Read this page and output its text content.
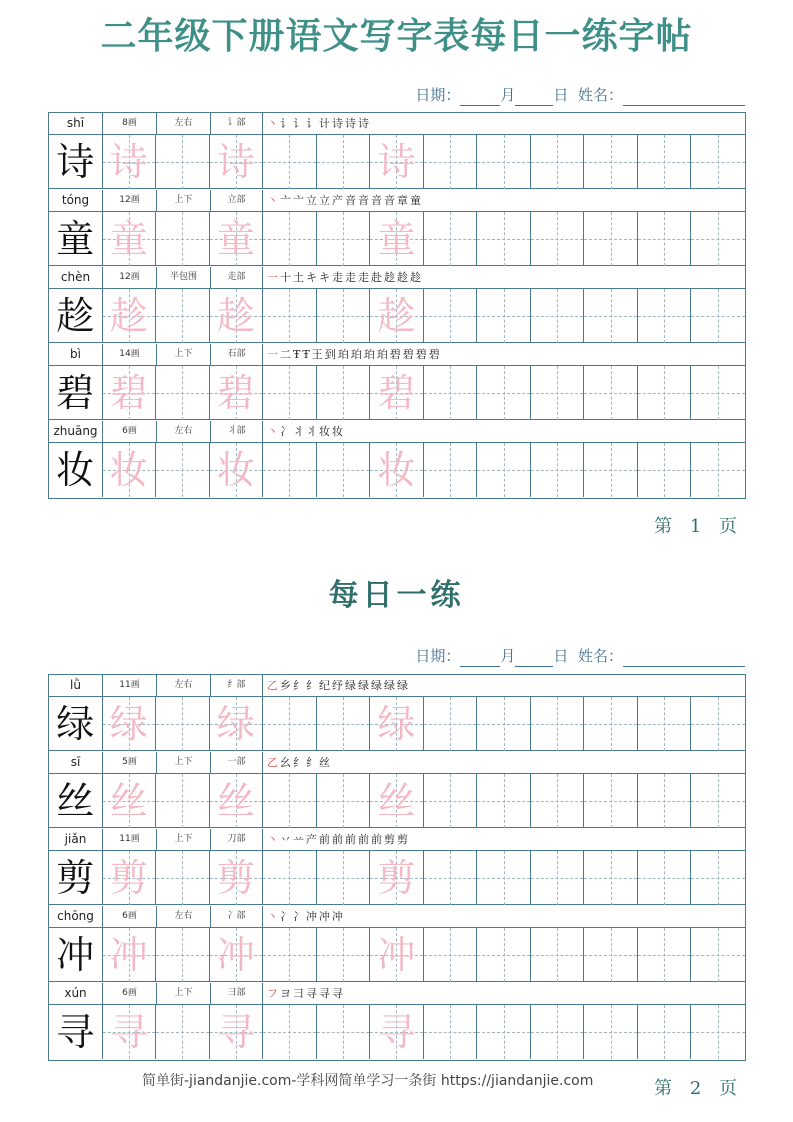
二年级下册语文写字表每日一练字帖
日期：	月	日 姓名：
shī	8画	左右	讠部	丶讠讠讠计诗诗诗
诗 诗 诗	诗
tóng	12画	上下	立部	丶亠亠立立产音音音音章童
童 童 童	童
chèn	12画	半包围	走部	一十土キキ走走走赴趁趁趁
趁 趁 趁	趁
bì	14画	上下	石部	一二ŦŦ王到珀珀珀珀碧碧碧碧
碧 碧 碧	碧
zhuāng	6画	左右	丬部	丶冫丬丬妆妆
妆 妆 妆	妆
第 1 页
每日一练
日期：	月	日 姓名：
lǜ	11画	左右	纟部	乙乡纟纟纪纾绿绿绿绿绿
绿 绿 绿	绿
sī	5画	上下	一部	乙幺纟纟丝
丝 丝 丝	丝
jiǎn	11画	上下	刀部	丶丷䒑产前前前前前剪剪
剪 剪 剪	剪
chōng	6画	左右	冫部	丶冫冫冲冲冲
冲 冲 冲	冲
xún	6画	上下	彐部	フヨ彐寻寻寻
寻 寻 寻	寻
简单街-jiandanjie.com-学科网简单学习一条街 https://jiandanjie.com	第 2 页
